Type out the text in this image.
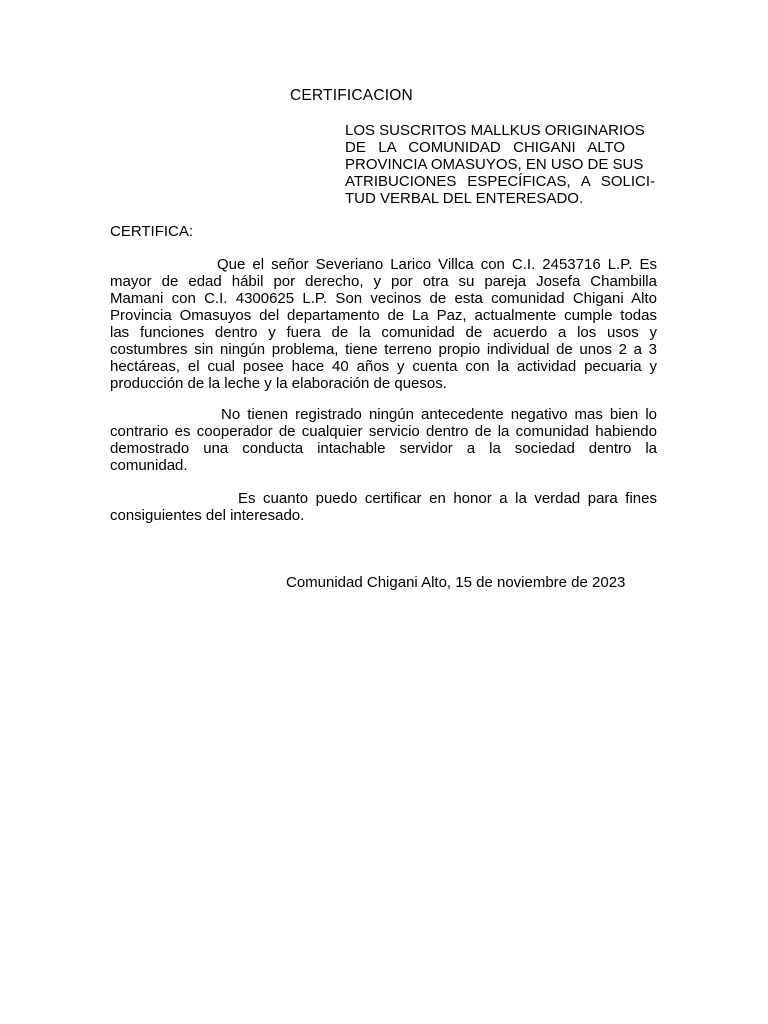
CERTIFICACION
LOS SUSCRITOS MALLKUS ORIGINARIOS
DE LA COMUNIDAD CHIGANI ALTO
PROVINCIA OMASUYOS, EN USO DE SUS
ATRIBUCIONES ESPECÍFICAS, A SOLICI-
TUD VERBAL DEL ENTERESADO.
CERTIFICA:
Que el señor Severiano Larico Villca con C.I. 2453716 L.P. Es
mayor de edad hábil por derecho, y por otra su pareja Josefa Chambilla
Mamani con C.I. 4300625 L.P. Son vecinos de esta comunidad Chigani Alto
Provincia Omasuyos del departamento de La Paz, actualmente cumple todas
las funciones dentro y fuera de la comunidad de acuerdo a los usos y
costumbres sin ningún problema, tiene terreno propio individual de unos 2 a 3
hectáreas, el cual posee hace 40 años y cuenta con la actividad pecuaria y
producción de la leche y la elaboración de quesos.
No tienen registrado ningún antecedente negativo mas bien lo
contrario es cooperador de cualquier servicio dentro de la comunidad habiendo
demostrado una conducta intachable servidor a la sociedad dentro la
comunidad.
Es cuanto puedo certificar en honor a la verdad para fines
consiguientes del interesado.
Comunidad Chigani Alto, 15 de noviembre de 2023
